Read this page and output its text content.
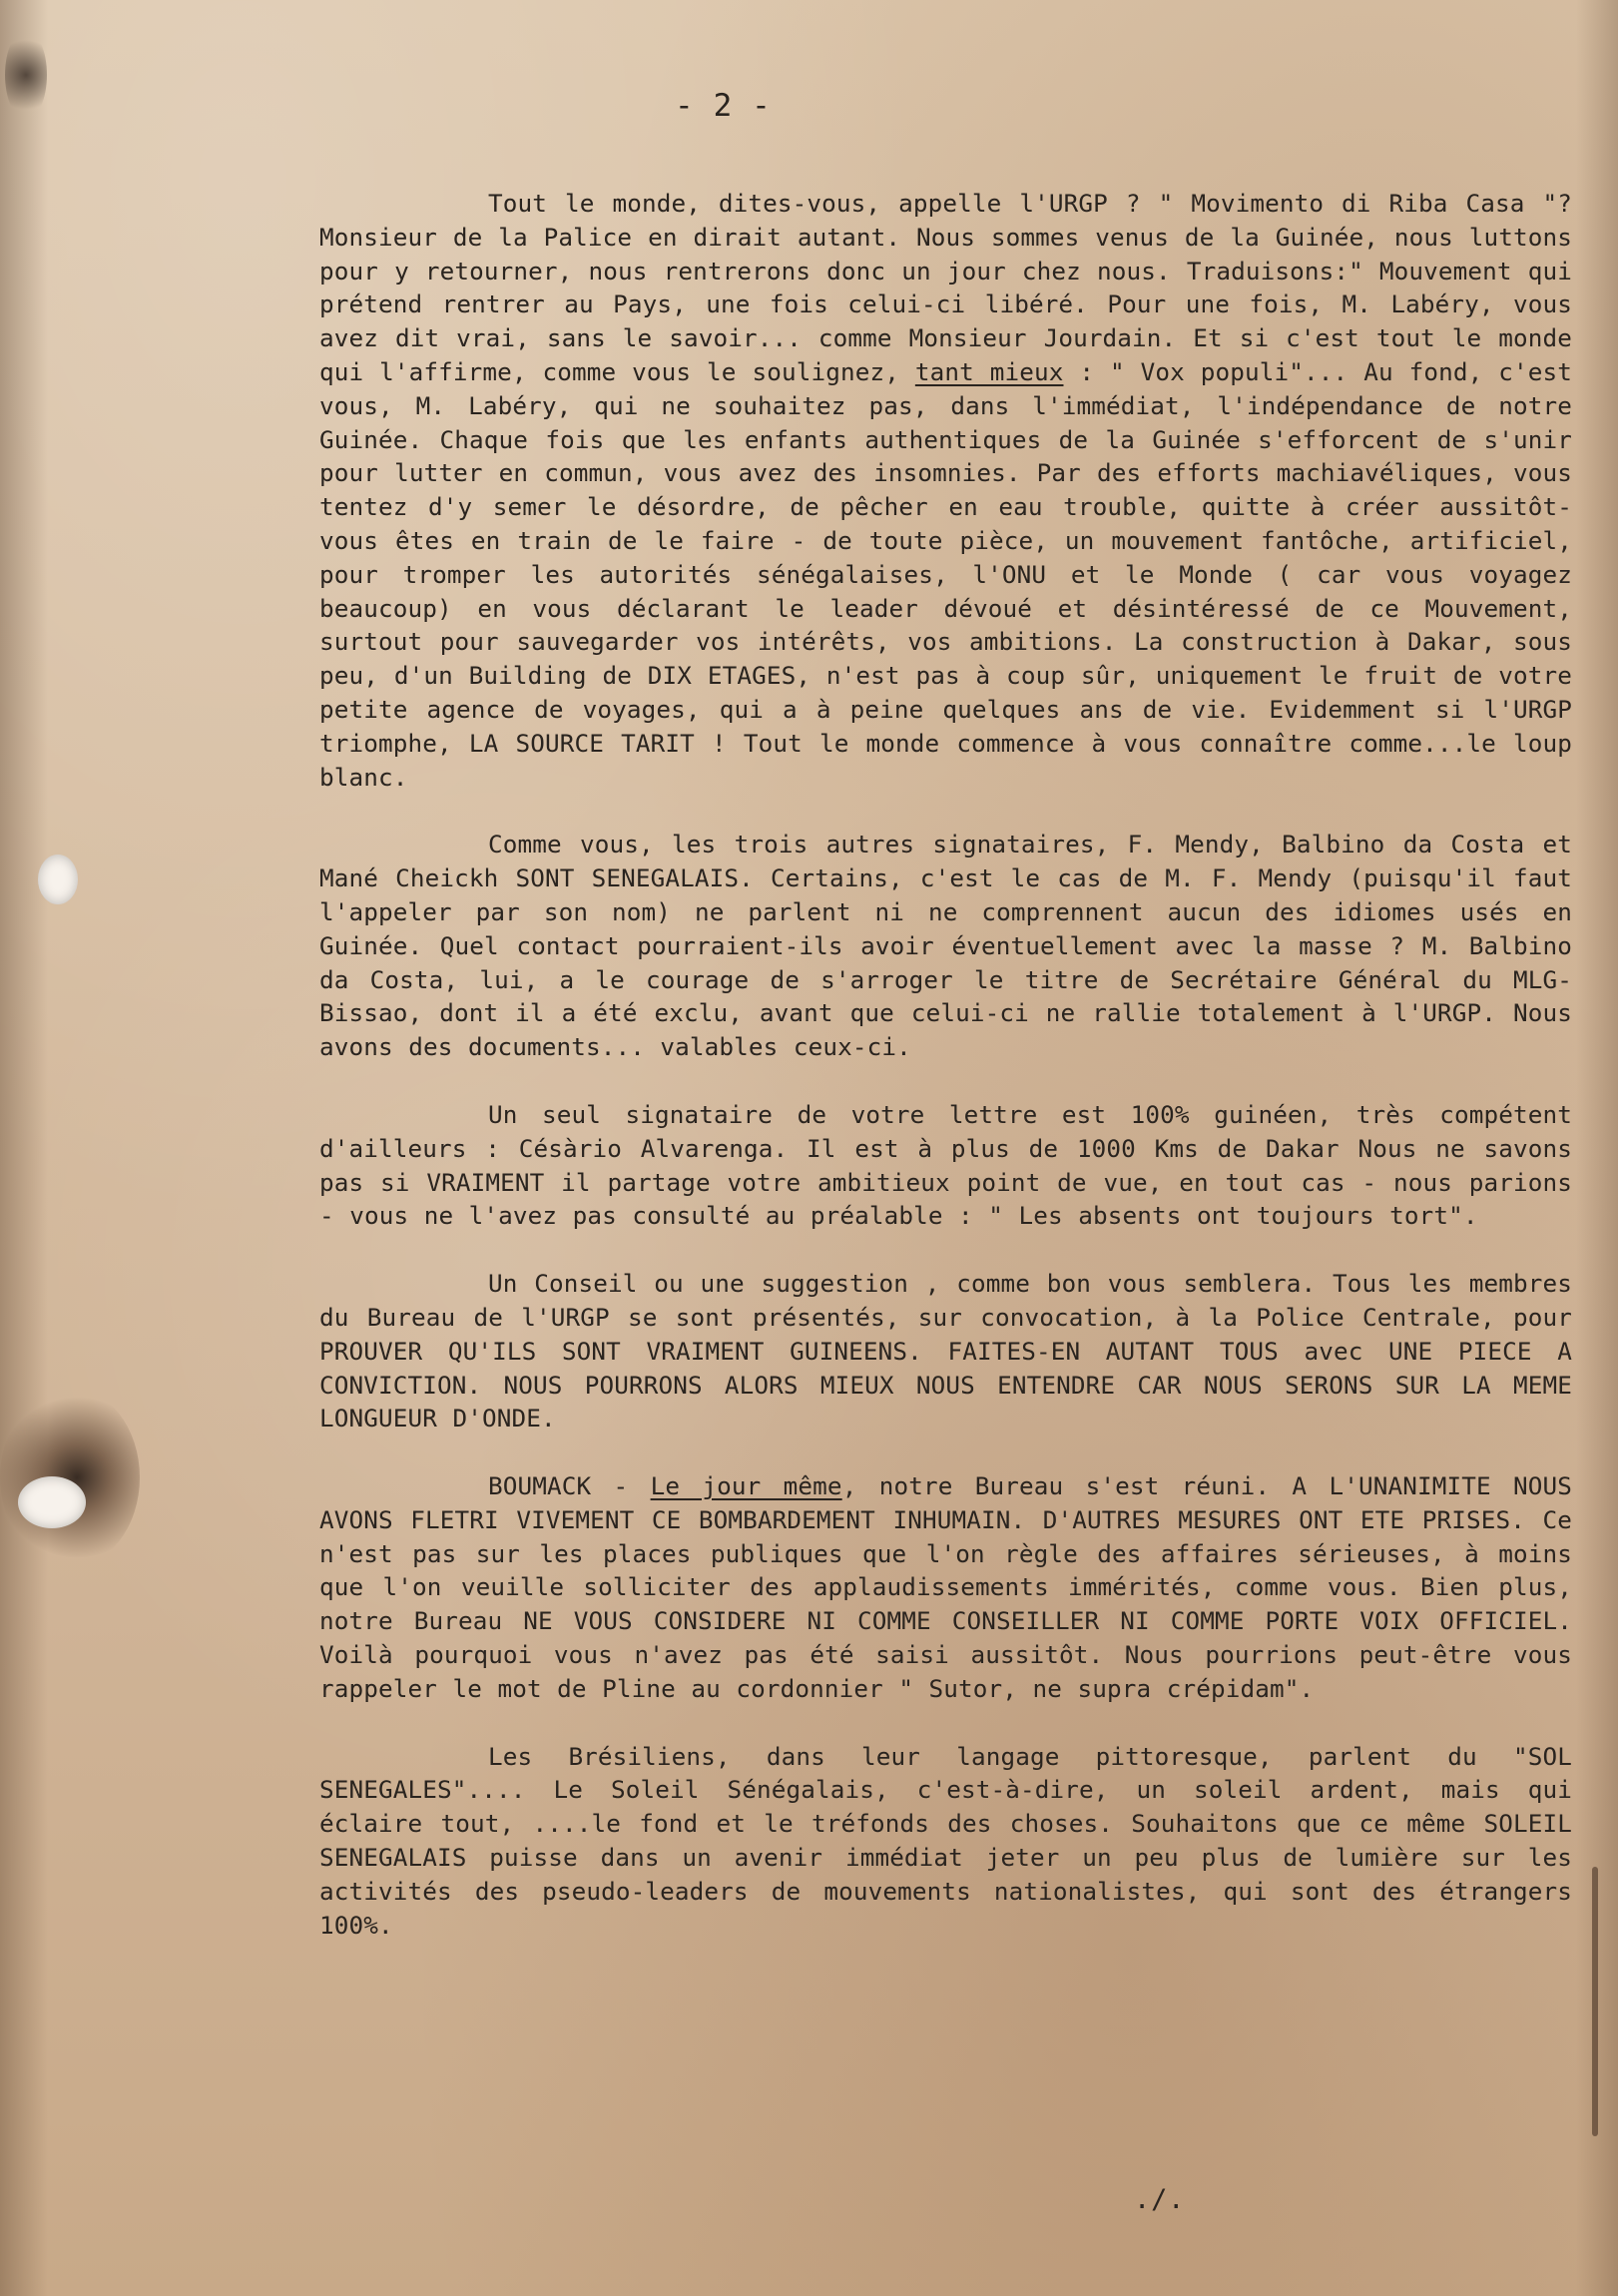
- 2 -

Tout le monde, dites-vous, appelle l'URGP ? " Movimento di Riba Casa "? Monsieur de la Palice en dirait autant. Nous sommes venus de la Guinée, nous luttons pour y retourner, nous rentrerons donc un jour chez nous. Traduisons:" Mouvement qui prétend rentrer au Pays, une fois celui-ci libéré. Pour une fois, M. Labéry, vous avez dit vrai, sans le savoir... comme Monsieur Jourdain. Et si c'est tout le monde qui l'affirme, comme vous le soulignez, tant mieux : " Vox populi"... Au fond, c'est vous, M. Labéry, qui ne souhaitez pas, dans l'immédiat, l'indépendance de notre Guinée. Chaque fois que les enfants authentiques de la Guinée s'efforcent de s'unir pour lutter en commun, vous avez des insomnies. Par des efforts machiavéliques, vous tentez d'y semer le désordre, de pêcher en eau trouble, quitte à créer aussitôt- vous êtes en train de le faire - de toute pièce, un mouvement fantôche, artificiel, pour tromper les autorités sénégalaises, l'ONU et le Monde ( car vous voyagez beaucoup) en vous déclarant le leader dévoué et désintéressé de ce Mouvement, surtout pour sauvegarder vos intérêts, vos ambitions. La construction à Dakar, sous peu, d'un Building de DIX ETAGES, n'est pas à coup sûr, uniquement le fruit de votre petite agence de voyages, qui a à peine quelques ans de vie. Evidemment si l'URGP triomphe, LA SOURCE TARIT ! Tout le monde commence à vous connaître comme...le loup blanc.

Comme vous, les trois autres signataires, F. Mendy, Balbino da Costa et Mané Cheickh SONT SENEGALAIS. Certains, c'est le cas de M. F. Mendy (puisqu'il faut l'appeler par son nom) ne parlent ni ne comprennent aucun des idiomes usés en Guinée. Quel contact pourraient-ils avoir éventuellement avec la masse ? M. Balbino da Costa, lui, a le courage de s'arroger le titre de Secrétaire Général du MLG-Bissao, dont il a été exclu, avant que celui-ci ne rallie totalement à l'URGP. Nous avons des documents... valables ceux-ci.

Un seul signataire de votre lettre est 100% guinéen, très compétent d'ailleurs : Césàrio Alvarenga. Il est à plus de 1000 Kms de Dakar Nous ne savons pas si VRAIMENT il partage votre ambitieux point de vue, en tout cas - nous parions - vous ne l'avez pas consulté au préalable : " Les absents ont toujours tort".

Un Conseil ou une suggestion , comme bon vous semblera. Tous les membres du Bureau de l'URGP se sont présentés, sur convocation, à la Police Centrale, pour PROUVER QU'ILS SONT VRAIMENT GUINEENS. FAITES-EN AUTANT TOUS avec UNE PIECE A CONVICTION. NOUS POURRONS ALORS MIEUX NOUS ENTENDRE CAR NOUS SERONS SUR LA MEME LONGUEUR D'ONDE.

BOUMACK - Le jour même, notre Bureau s'est réuni. A L'UNANIMITE NOUS AVONS FLETRI VIVEMENT CE BOMBARDEMENT INHUMAIN. D'AUTRES MESURES ONT ETE PRISES. Ce n'est pas sur les places publiques que l'on règle des affaires sérieuses, à moins que l'on veuille solliciter des applaudissements immérités, comme vous. Bien plus, notre Bureau NE VOUS CONSIDERE NI COMME CONSEILLER NI COMME PORTE VOIX OFFICIEL. Voilà pourquoi vous n'avez pas été saisi aussitôt. Nous pourrions peut-être vous rappeler le mot de Pline au cordonnier " Sutor, ne supra crépidam".

Les Brésiliens, dans leur langage pittoresque, parlent du "SOL SENEGALES".... Le Soleil Sénégalais, c'est-à-dire, un soleil ardent, mais qui éclaire tout, ....le fond et le tréfonds des choses. Souhaitons que ce même SOLEIL SENEGALAIS puisse dans un avenir immédiat jeter un peu plus de lumière sur les activités des pseudo-leaders de mouvements nationalistes, qui sont des étrangers 100%.

./.
